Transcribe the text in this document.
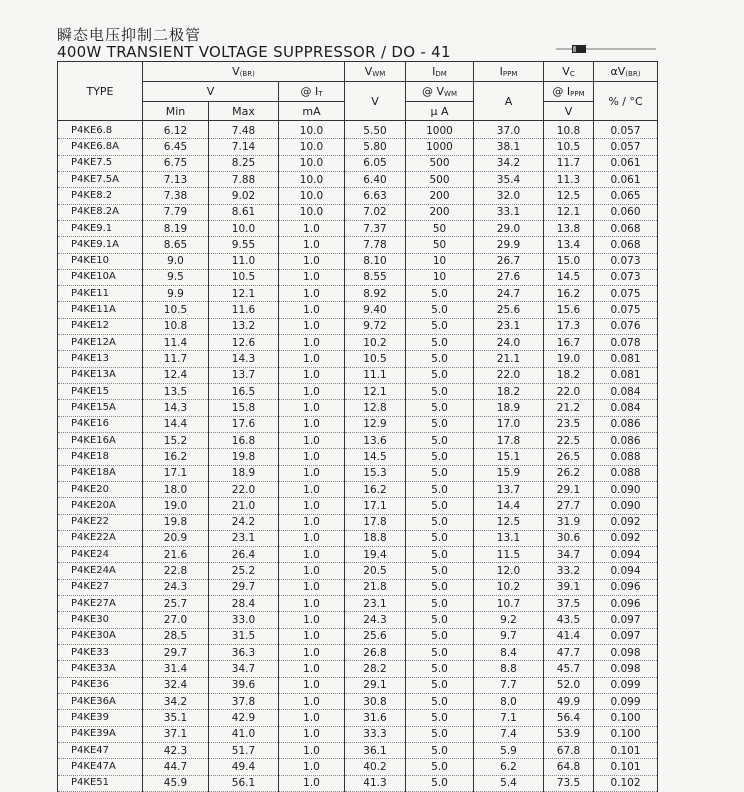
瞬态电压抑制二极管
400W TRANSIENT VOLTAGE SUPPRESSOR / DO - 41
TYPE	V(BR)			VWM	IDM	IPPM	VC	αV(BR)
	V		@ IT	V	@ VWM	A	@ IPPM	% / °C
	Min	Max	mA		μ A		V	
P4KE6.8	6.12	7.48	10.0	5.50	1000	37.0	10.8	0.057
P4KE6.8A	6.45	7.14	10.0	5.80	1000	38.1	10.5	0.057
P4KE7.5	6.75	8.25	10.0	6.05	500	34.2	11.7	0.061
P4KE7.5A	7.13	7.88	10.0	6.40	500	35.4	11.3	0.061
P4KE8.2	7.38	9.02	10.0	6.63	200	32.0	12.5	0.065
P4KE8.2A	7.79	8.61	10.0	7.02	200	33.1	12.1	0.060
P4KE9.1	8.19	10.0	1.0	7.37	50	29.0	13.8	0.068
P4KE9.1A	8.65	9.55	1.0	7.78	50	29.9	13.4	0.068
P4KE10	9.0	11.0	1.0	8.10	10	26.7	15.0	0.073
P4KE10A	9.5	10.5	1.0	8.55	10	27.6	14.5	0.073
P4KE11	9.9	12.1	1.0	8.92	5.0	24.7	16.2	0.075
P4KE11A	10.5	11.6	1.0	9.40	5.0	25.6	15.6	0.075
P4KE12	10.8	13.2	1.0	9.72	5.0	23.1	17.3	0.076
P4KE12A	11.4	12.6	1.0	10.2	5.0	24.0	16.7	0.078
P4KE13	11.7	14.3	1.0	10.5	5.0	21.1	19.0	0.081
P4KE13A	12.4	13.7	1.0	11.1	5.0	22.0	18.2	0.081
P4KE15	13.5	16.5	1.0	12.1	5.0	18.2	22.0	0.084
P4KE15A	14.3	15.8	1.0	12.8	5.0	18.9	21.2	0.084
P4KE16	14.4	17.6	1.0	12.9	5.0	17.0	23.5	0.086
P4KE16A	15.2	16.8	1.0	13.6	5.0	17.8	22.5	0.086
P4KE18	16.2	19.8	1.0	14.5	5.0	15.1	26.5	0.088
P4KE18A	17.1	18.9	1.0	15.3	5.0	15.9	26.2	0.088
P4KE20	18.0	22.0	1.0	16.2	5.0	13.7	29.1	0.090
P4KE20A	19.0	21.0	1.0	17.1	5.0	14.4	27.7	0.090
P4KE22	19.8	24.2	1.0	17.8	5.0	12.5	31.9	0.092
P4KE22A	20.9	23.1	1.0	18.8	5.0	13.1	30.6	0.092
P4KE24	21.6	26.4	1.0	19.4	5.0	11.5	34.7	0.094
P4KE24A	22.8	25.2	1.0	20.5	5.0	12.0	33.2	0.094
P4KE27	24.3	29.7	1.0	21.8	5.0	10.2	39.1	0.096
P4KE27A	25.7	28.4	1.0	23.1	5.0	10.7	37.5	0.096
P4KE30	27.0	33.0	1.0	24.3	5.0	9.2	43.5	0.097
P4KE30A	28.5	31.5	1.0	25.6	5.0	9.7	41.4	0.097
P4KE33	29.7	36.3	1.0	26.8	5.0	8.4	47.7	0.098
P4KE33A	31.4	34.7	1.0	28.2	5.0	8.8	45.7	0.098
P4KE36	32.4	39.6	1.0	29.1	5.0	7.7	52.0	0.099
P4KE36A	34.2	37.8	1.0	30.8	5.0	8.0	49.9	0.099
P4KE39	35.1	42.9	1.0	31.6	5.0	7.1	56.4	0.100
P4KE39A	37.1	41.0	1.0	33.3	5.0	7.4	53.9	0.100
P4KE47	42.3	51.7	1.0	36.1	5.0	5.9	67.8	0.101
P4KE47A	44.7	49.4	1.0	40.2	5.0	6.2	64.8	0.101
P4KE51	45.9	56.1	1.0	41.3	5.0	5.4	73.5	0.102
